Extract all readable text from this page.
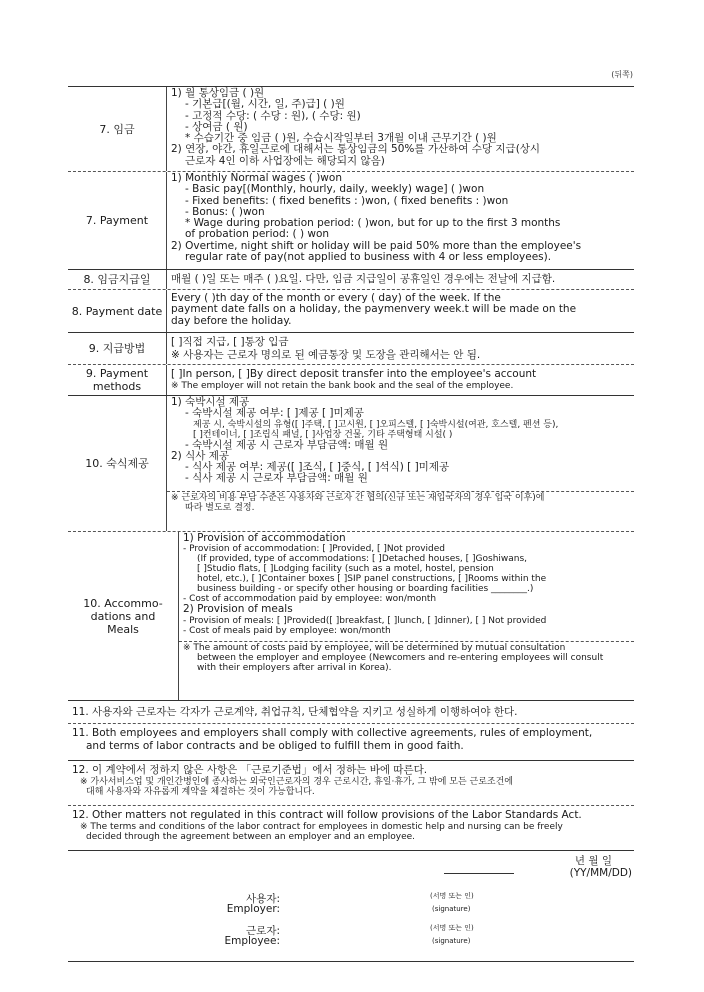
(뒤쪽)
7. 임금
1) 월 통상임금 ( )원
- 기본급[(월, 시간, 일, 주)급] ( )원
- 고정적 수당: ( 수당 : 원), ( 수당: 원)
- 상여금 ( 원)
* 수습기간 중 임금 ( )원, 수습시작일부터 3개월 이내 근무기간 ( )원
2) 연장, 야간, 휴일근로에 대해서는 통상임금의 50%를 가산하여 수당 지급(상시
근로자 4인 이하 사업장에는 해당되지 않음)
7. Payment
1) Monthly Normal wages ( )won
- Basic pay[(Monthly, hourly, daily, weekly) wage] ( )won
- Fixed benefits: ( fixed benefits : )won, ( fixed benefits : )won
- Bonus: ( )won
* Wage during probation period: ( )won, but for up to the first 3 months
of probation period: ( ) won
2) Overtime, night shift or holiday will be paid 50% more than the employee's
regular rate of pay(not applied to business with 4 or less employees).
8. 임금지급일	매월 ( )일 또는 매주 ( )요일. 다만, 임금 지급일이 공휴일인 경우에는 전날에 지급함.
8. Payment date
Every ( )th day of the month or every ( day) of the week. If the
payment date falls on a holiday, the paymenvery week.t will be made on the
day before the holiday.
9. 지급방법	[ ]직접 지급, [ ]통장 입금
※ 사용자는 근로자 명의로 된 예금통장 및 도장을 관리해서는 안 됨.
9. Payment methods
[ ]In person, [ ]By direct deposit transfer into the employee's account
※ The employer will not retain the bank book and the seal of the employee.
10. 숙식제공
1) 숙박시설 제공
- 숙박시설 제공 여부: [ ]제공 [ ]미제공
제공 시, 숙박시설의 유형([ ]주택, [ ]고시원, [ ]오피스텔, [ ]숙박시설(여관, 호스텔, 펜션 등),
[ ]컨테이너, [ ]조립식 패널, [ ]사업장 건물, 기타 주택형태 시설( )
- 숙박시설 제공 시 근로자 부담금액: 매월 원
2) 식사 제공
- 식사 제공 여부: 제공([ ]조식, [ ]중식, [ ]석식) [ ]미제공
- 식사 제공 시 근로자 부담금액: 매월 원
※ 근로자의 비용 부담 수준은 사용자와 근로자 간 협의(신규 또는 재입국자의 경우 입국 이후)에
따라 별도로 결정.
10. Accommo-dations and Meals
1) Provision of accommodation
- Provision of accommodation: [ ]Provided, [ ]Not provided
(If provided, type of accommodations: [ ]Detached houses, [ ]Goshiwans,
[ ]Studio flats, [ ]Lodging facility (such as a motel, hostel, pension
hotel, etc.), [ ]Container boxes [ ]SIP panel constructions, [ ]Rooms within the
business building - or specify other housing or boarding facilities ________.)
- Cost of accommodation paid by employee: won/month
2) Provision of meals
- Provision of meals: [ ]Provided([ ]breakfast, [ ]lunch, [ ]dinner), [ ] Not provided
- Cost of meals paid by employee: won/month
※ The amount of costs paid by employee, will be determined by mutual consultation
between the employer and employee (Newcomers and re-entering employees will consult
with their employers after arrival in Korea).
11. 사용자와 근로자는 각자가 근로계약, 취업규칙, 단체협약을 지키고 성실하게 이행하여야 한다.
11. Both employees and employers shall comply with collective agreements, rules of employment,
and terms of labor contracts and be obliged to fulfill them in good faith.
12. 이 계약에서 정하지 않은 사항은 「근로기준법」에서 정하는 바에 따른다.
※ 가사서비스업 및 개인간병인에 종사하는 외국인근로자의 경우 근로시간, 휴일·휴가, 그 밖에 모든 근로조건에
대해 사용자와 자유롭게 계약을 체결하는 것이 가능합니다.
12. Other matters not regulated in this contract will follow provisions of the Labor Standards Act.
※ The terms and conditions of the labor contract for employees in domestic help and nursing can be freely
decided through the agreement between an employer and an employee.
년 월 일
(YY/MM/DD)
사용자:
Employer:
(서명 또는 인)
(signature)
근로자:
Employee:
(서명 또는 인)
(signature)
